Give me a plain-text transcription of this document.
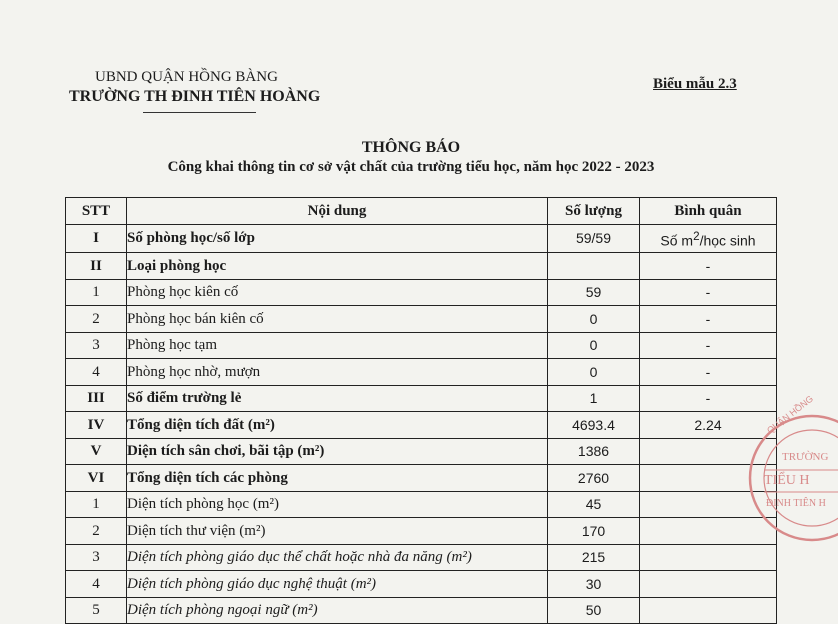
UBND QUẬN HỒNG BÀNG
TRƯỜNG TH ĐINH TIÊN HOÀNG
Biểu mẫu 2.3
THÔNG BÁO
Công khai thông tin cơ sở vật chất của trường tiểu học, năm học 2022 - 2023
STT	Nội dung	Số lượng	Bình quân
I	Số phòng học/số lớp	59/59	Số $m^2$/học sinh
II	Loại phòng học		-
1	Phòng học kiên cố	59	-
2	Phòng học bán kiên cố	0	-
3	Phòng học tạm	0	-
4	Phòng học nhờ, mượn	0	-
III	Số điểm trường lẻ	1	-
IV	Tổng diện tích đất (m²)	4693.4	2.24
V	Diện tích sân chơi, bãi tập (m²)	1386	
VI	Tổng diện tích các phòng	2760	
1	Diện tích phòng học (m²)	45	
2	Diện tích thư viện (m²)	170	
3	Diện tích phòng giáo dục thể chất hoặc nhà đa năng (m²)	215	
4	Diện tích phòng giáo dục nghệ thuật (m²)	30	
5	Diện tích phòng ngoại ngữ (m²)	50	
QUẬN HỒNG
TRƯỜNG
TIỂU H
ĐINH TIÊN H
